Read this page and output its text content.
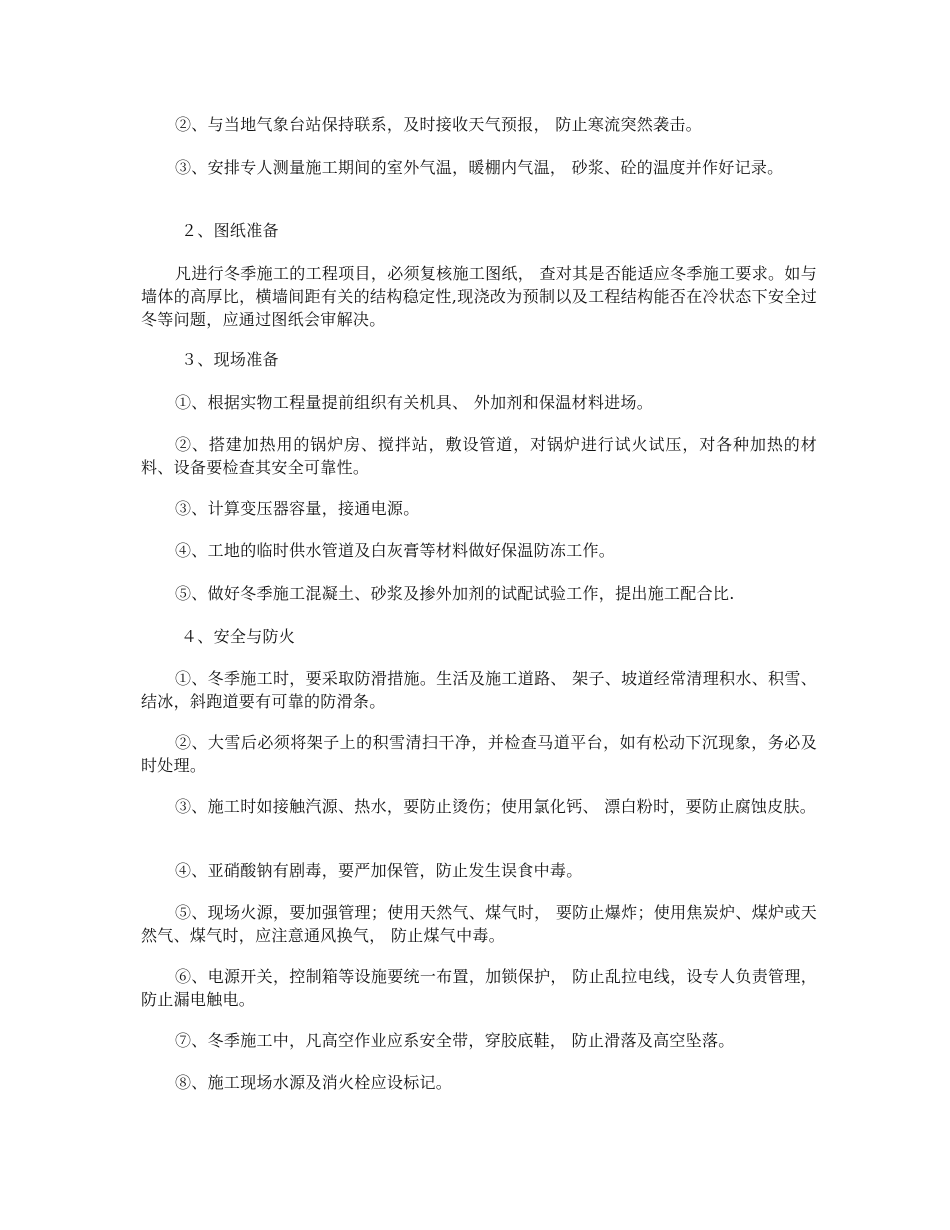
②、与当地气象台站保持联系，及时接收天气预报， 防止寒流突然袭击。

③、安排专人测量施工期间的室外气温，暖棚内气温， 砂浆、砼的温度并作好记录。

２、图纸准备

凡进行冬季施工的工程项目，必须复核施工图纸， 查对其是否能适应冬季施工要求。如与墙体的高厚比，横墙间距有关的结构稳定性,现浇改为预制以及工程结构能否在冷状态下安全过冬等问题，应通过图纸会审解决。

３、现场准备

①、根据实物工程量提前组织有关机具、 外加剂和保温材料进场。

②、搭建加热用的锅炉房、搅拌站，敷设管道，对锅炉进行试火试压，对各种加热的材料、设备要检查其安全可靠性。

③、计算变压器容量，接通电源。

④、工地的临时供水管道及白灰膏等材料做好保温防冻工作。

⑤、做好冬季施工混凝土、砂浆及掺外加剂的试配试验工作，提出施工配合比.

４、安全与防火

①、冬季施工时，要采取防滑措施。生活及施工道路、 架子、坡道经常清理积水、积雪、结冰，斜跑道要有可靠的防滑条。

②、大雪后必须将架子上的积雪清扫干净，并检查马道平台，如有松动下沉现象，务必及时处理。

③、施工时如接触汽源、热水，要防止烫伤；使用氯化钙、 漂白粉时，要防止腐蚀皮肤。

④、亚硝酸钠有剧毒，要严加保管，防止发生误食中毒。

⑤、现场火源，要加强管理；使用天然气、煤气时， 要防止爆炸；使用焦炭炉、煤炉或天然气、煤气时，应注意通风换气， 防止煤气中毒。

⑥、电源开关，控制箱等设施要统一布置，加锁保护， 防止乱拉电线，设专人负责管理，防止漏电触电。

⑦、冬季施工中，凡高空作业应系安全带，穿胶底鞋， 防止滑落及高空坠落。

⑧、施工现场水源及消火栓应设标记。
